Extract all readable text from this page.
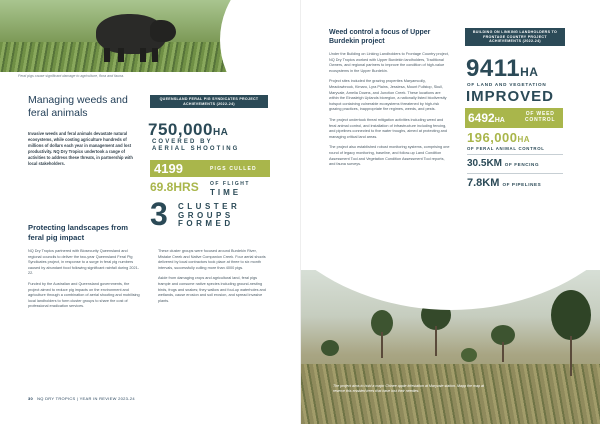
Feral pigs cause significant damage to agriculture, flora and fauna.
Managing weeds and feral animals

Invasive weeds and feral animals devastate natural ecosystems, while costing agriculture hundreds of millions of dollars each year in management and lost productivity. NQ Dry Tropics undertook a range of activities to address these threats, in partnership with local stakeholders.

Protecting landscapes from feral pig impact

NQ Dry Tropics partnered with Biosecurity Queensland and regional councils to deliver the two-year Queensland Feral Pig Syndicates project, in response to a surge in feral pig numbers caused by abundant food following significant rainfall during 2021-22.

Funded by the Australian and Queensland governments, the project aimed to reduce pig impacts on the environment and agriculture through a combination of aerial shooting and mobilising local landholders to form cluster groups to share the cost of professional eradication services.

These cluster groups were focused around Burdekin River, Mistake Creek and Native Companion Creek. Four aerial shoots delivered by local contractors took place at three to six month intervals, successfully culling more than 4000 pigs.

Aside from damaging crops and agricultural land, feral pigs trample and consume native species including ground-nesting birds, frogs and snakes; they wallow and foul-up waterholes and wetlands, cause erosion and soil erosion, and spread invasive plants.

QUEENSLAND FERAL PIG SYNDICATES PROJECT ACHIEVEMENTS (2022-24)
750,000HA
COVERED BY
AERIAL SHOOTING
4199	PIGS CULLED
69.8HRS OF FLIGHT
TIME
3 CLUSTER
GROUPS
FORMED
30 NQ DRY TROPICS | YEAR IN REVIEW 2023-24
Weed control a focus of Upper Burdekin project

Under the Building on Linking Landholders to Frontage Country project, NQ Dry Tropics worked with Upper Burdekin landholders, Traditional Owners, and regional partners to improve the condition of high-value ecosystems in the Upper Burdekin.

Project sites included the grazing properties Maryamcolly, Meadowbrook, Kimaro, Lyra Plains, Jessiesa, Mount Fullstop, Skull, Maryvale, Amelia Downs, and Junction Creek. These locations are within the Einasleigh Uplands bioregion, a nationally listed biodiversity hotspot containing vulnerable ecosystems threatened by high-risk grazing practices, inappropriate fire regimes, weeds, and pests.

The project undertook threat mitigation activities including weed and feral animal control, and installation of infrastructure including fencing, and pipelines connected to five water troughs, aimed at protecting and managing critical land areas.

The project also established robust monitoring systems, comprising one round of legacy monitoring, baseline, and follow-up Land Condition Assessment Tool and Vegetation Condition Assessment Tool reports, and fauna surveys.

BUILDING ON LINKING LANDHOLDERS TO FRONTAGE COUNTRY PROJECT ACHIEVEMENTS (2022-24)
9411HA
OF LAND AND VEGETATION
IMPROVED
6492HA
OF WEED
CONTROL
196,000HA
OF FERAL ANIMAL CONTROL
30.5KM OF FENCING
7.8KM OF PIPELINES
The project aims to hold a major Chinee apple infestation at Maryvale station. Mapp the map at reserve this enabled trees that have lost their needles.
